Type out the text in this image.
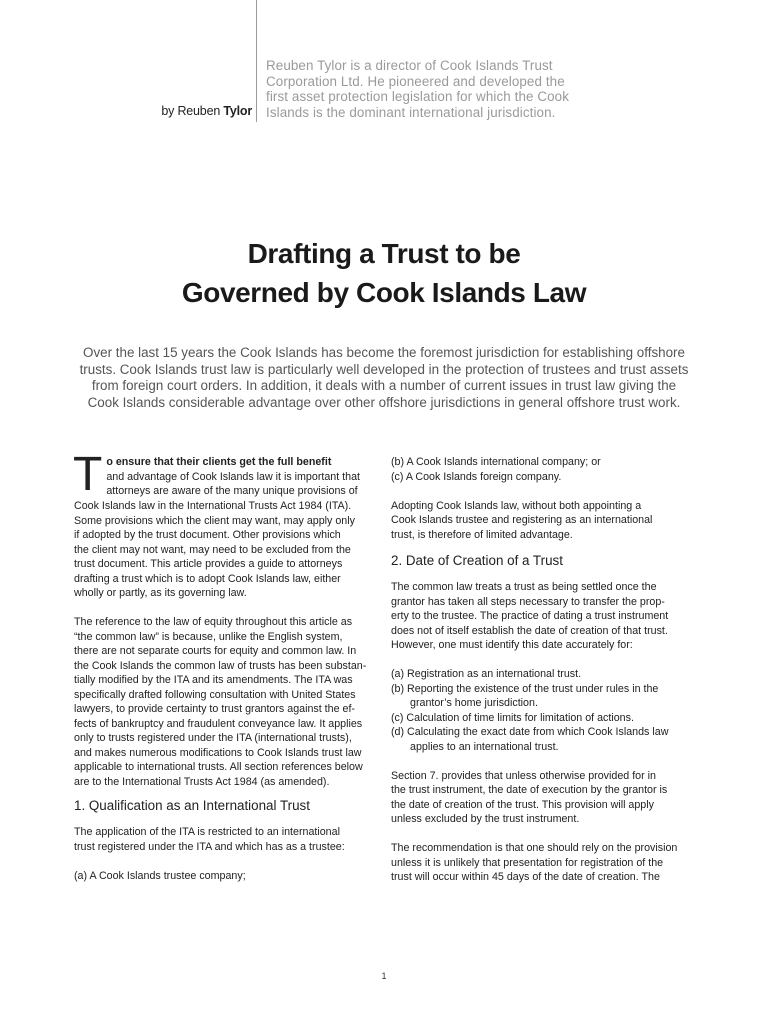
by Reuben Tylor
Reuben Tylor is a director of Cook Islands Trust
Corporation Ltd. He pioneered and developed the
first asset protection legislation for which the Cook
Islands is the dominant international jurisdiction.
Drafting a Trust to be
Governed by Cook Islands Law
Over the last 15 years the Cook Islands has become the foremost jurisdiction for establishing offshore
trusts. Cook Islands trust law is particularly well developed in the protection of trustees and trust assets
from foreign court orders. In addition, it deals with a number of current issues in trust law giving the
Cook Islands considerable advantage over other offshore jurisdictions in general offshore trust work.
T o ensure that their clients get the full benefit
and advantage of Cook Islands law it is important that
attorneys are aware of the many unique provisions of
Cook Islands law in the International Trusts Act 1984 (ITA).
Some provisions which the client may want, may apply only
if adopted by the trust document. Other provisions which
the client may not want, may need to be excluded from the
trust document. This article provides a guide to attorneys
drafting a trust which is to adopt Cook Islands law, either
wholly or partly, as its governing law.
The reference to the law of equity throughout this article as
“the common law” is because, unlike the English system,
there are not separate courts for equity and common law. In
the Cook Islands the common law of trusts has been substan-
tially modified by the ITA and its amendments. The ITA was
specifically drafted following consultation with United States
lawyers, to provide certainty to trust grantors against the ef-
fects of bankruptcy and fraudulent conveyance law. It applies
only to trusts registered under the ITA (international trusts),
and makes numerous modifications to Cook Islands trust law
applicable to international trusts. All section references below
are to the International Trusts Act 1984 (as amended).
1. Qualification as an International Trust
The application of the ITA is restricted to an international
trust registered under the ITA and which has as a trustee:
(a) A Cook Islands trustee company;
(b) A Cook Islands international company; or
(c) A Cook Islands foreign company.
Adopting Cook Islands law, without both appointing a
Cook Islands trustee and registering as an international
trust, is therefore of limited advantage.
2. Date of Creation of a Trust
The common law treats a trust as being settled once the
grantor has taken all steps necessary to transfer the prop-
erty to the trustee. The practice of dating a trust instrument
does not of itself establish the date of creation of that trust.
However, one must identify this date accurately for:
(a) Registration as an international trust.
(b) Reporting the existence of the trust under rules in the
grantor’s home jurisdiction.
(c) Calculation of time limits for limitation of actions.
(d) Calculating the exact date from which Cook Islands law
applies to an international trust.
Section 7. provides that unless otherwise provided for in
the trust instrument, the date of execution by the grantor is
the date of creation of the trust. This provision will apply
unless excluded by the trust instrument.
The recommendation is that one should rely on the provision
unless it is unlikely that presentation for registration of the
trust will occur within 45 days of the date of creation. The
1
